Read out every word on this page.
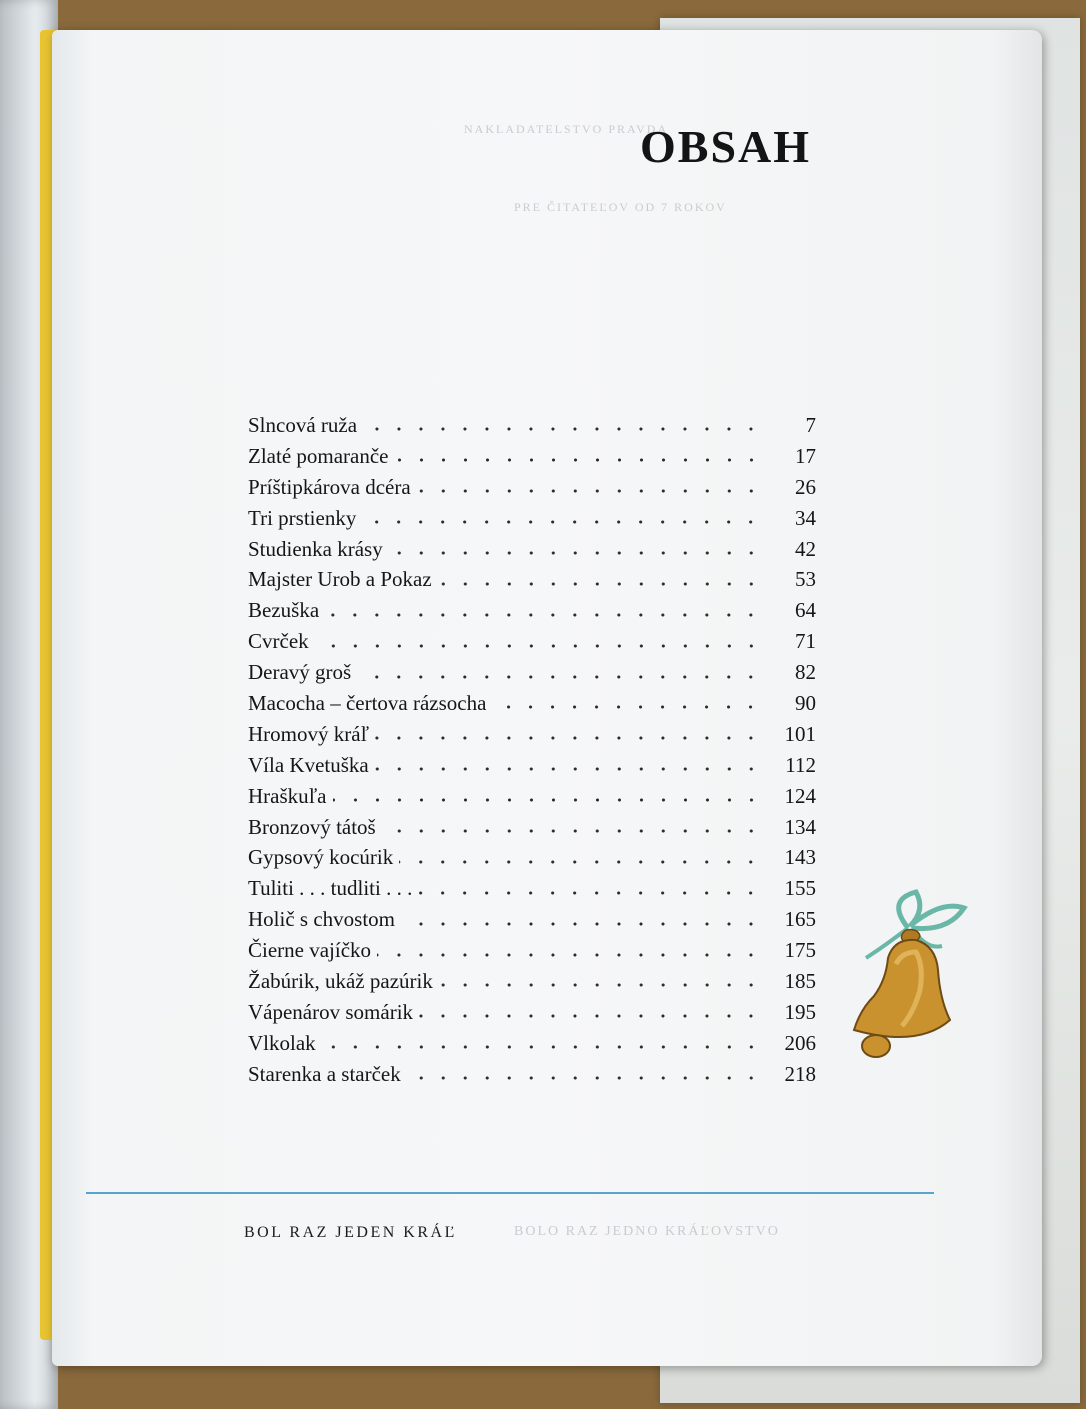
NAKLADATELSTVO PRAVDA
PRE ČITATEĽOV OD 7 ROKOV
BOLO RAZ JEDNO KRÁĽOVSTVO
OBSAH
Slncová ruža	7
Zlaté pomaranče	17
Príštipkárova dcéra	26
Tri prstienky	34
Studienka krásy	42
Majster Urob a Pokaz	53
Bezuška	64
Cvrček	71
Deravý groš	82
Macocha – čertova rázsocha	90
Hromový kráľ	101
Víla Kvetuška	112
Hraškuľa	124
Bronzový tátoš	134
Gypsový kocúrik	143
Tuliti . . . tudliti . . .	155
Holič s chvostom	165
Čierne vajíčko	175
Žabúrik, ukáž pazúrik	185
Vápenárov somárik	195
Vlkolak	206
Starenka a starček	218

BOL RAZ JEDEN KRÁĽ
